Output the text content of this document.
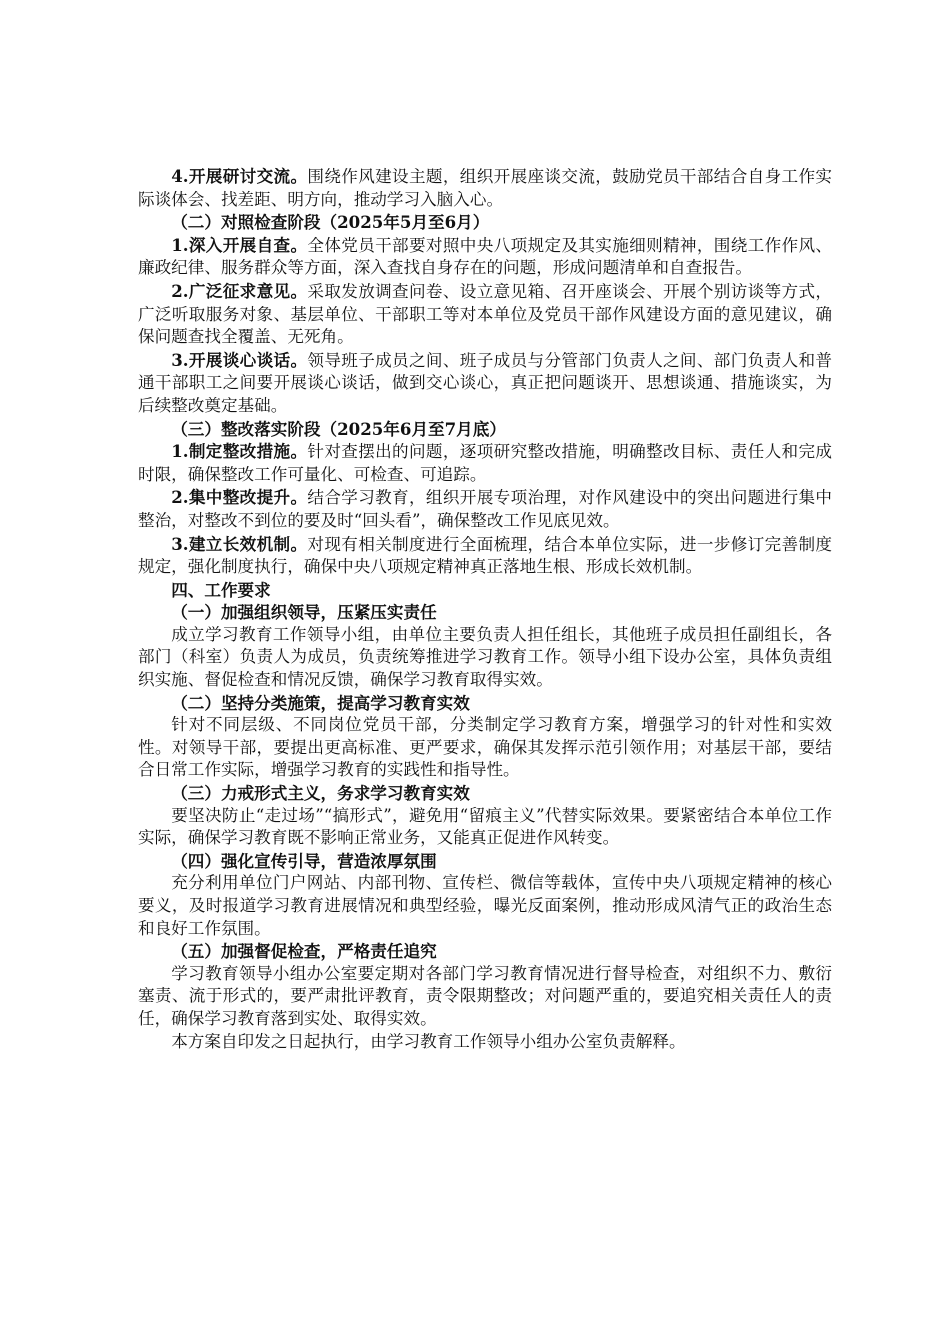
4.开展研讨交流。围绕作风建设主题，组织开展座谈交流，鼓励党员干部结合自身工作实际谈体会、找差距、明方向，推动学习入脑入心。

（二）对照检查阶段（2025年5月至6月）

1.深入开展自查。全体党员干部要对照中央八项规定及其实施细则精神，围绕工作作风、廉政纪律、服务群众等方面，深入查找自身存在的问题，形成问题清单和自查报告。

2.广泛征求意见。采取发放调查问卷、设立意见箱、召开座谈会、开展个别访谈等方式，广泛听取服务对象、基层单位、干部职工等对本单位及党员干部作风建设方面的意见建议，确保问题查找全覆盖、无死角。

3.开展谈心谈话。领导班子成员之间、班子成员与分管部门负责人之间、部门负责人和普通干部职工之间要开展谈心谈话，做到交心谈心，真正把问题谈开、思想谈通、措施谈实，为后续整改奠定基础。

（三）整改落实阶段（2025年6月至7月底）

1.制定整改措施。针对查摆出的问题，逐项研究整改措施，明确整改目标、责任人和完成时限，确保整改工作可量化、可检查、可追踪。

2.集中整改提升。结合学习教育，组织开展专项治理，对作风建设中的突出问题进行集中整治，对整改不到位的要及时“回头看”，确保整改工作见底见效。

3.建立长效机制。对现有相关制度进行全面梳理，结合本单位实际，进一步修订完善制度规定，强化制度执行，确保中央八项规定精神真正落地生根、形成长效机制。

四、工作要求

（一）加强组织领导，压紧压实责任

成立学习教育工作领导小组，由单位主要负责人担任组长，其他班子成员担任副组长，各部门（科室）负责人为成员，负责统筹推进学习教育工作。领导小组下设办公室，具体负责组织实施、督促检查和情况反馈，确保学习教育取得实效。

（二）坚持分类施策，提高学习教育实效

针对不同层级、不同岗位党员干部，分类制定学习教育方案，增强学习的针对性和实效性。对领导干部，要提出更高标准、更严要求，确保其发挥示范引领作用；对基层干部，要结合日常工作实际，增强学习教育的实践性和指导性。

（三）力戒形式主义，务求学习教育实效

要坚决防止“走过场”“搞形式”，避免用“留痕主义”代替实际效果。要紧密结合本单位工作实际，确保学习教育既不影响正常业务，又能真正促进作风转变。

（四）强化宣传引导，营造浓厚氛围

充分利用单位门户网站、内部刊物、宣传栏、微信等载体，宣传中央八项规定精神的核心要义，及时报道学习教育进展情况和典型经验，曝光反面案例，推动形成风清气正的政治生态和良好工作氛围。

（五）加强督促检查，严格责任追究

学习教育领导小组办公室要定期对各部门学习教育情况进行督导检查，对组织不力、敷衍塞责、流于形式的，要严肃批评教育，责令限期整改；对问题严重的，要追究相关责任人的责任，确保学习教育落到实处、取得实效。

本方案自印发之日起执行，由学习教育工作领导小组办公室负责解释。
